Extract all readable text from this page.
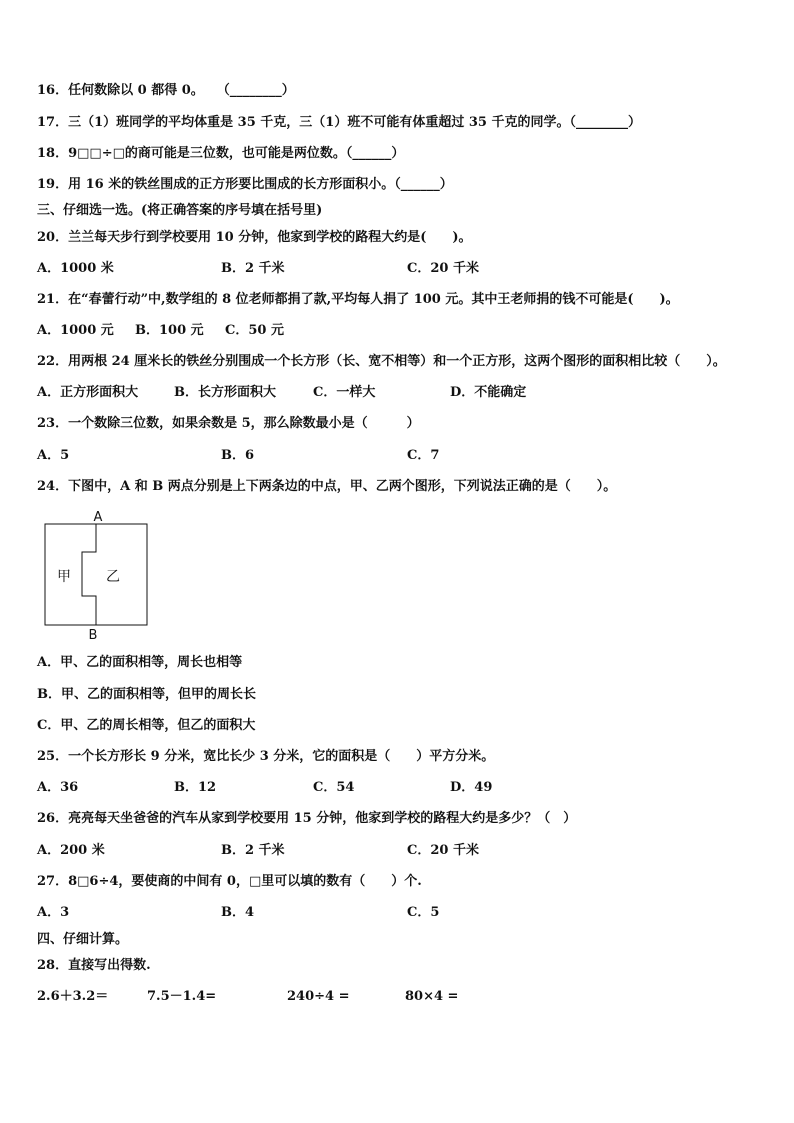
16．任何数除以 0 都得 0。　　（________）
17．三（1）班同学的平均体重是 35 千克，三（1）班不可能有体重超过 35 千克的同学。（________）
18．9□□÷□的商可能是三位数，也可能是两位数。（______）
19．用 16 米的铁丝围成的正方形要比围成的长方形面积小。（______）
三、仔细选一选。(将正确答案的序号填在括号里)
20．兰兰每天步行到学校要用 10 分钟，他家到学校的路程大约是(　　)。
A．1000 米	B．2 千米	C．20 千米
21．在“春蕾行动”中,数学组的 8 位老师都捐了款,平均每人捐了 100 元。其中王老师捐的钱不可能是(　　)。
A．1000 元 B．100 元 C．50 元
22．用两根 24 厘米长的铁丝分别围成一个长方形（长、宽不相等）和一个正方形，这两个图形的面积相比较（　　）。
A．正方形面积大	B．长方形面积大	C．一样大	D．不能确定
23．一个数除三位数，如果余数是 5，那么除数最小是（　　　）
A．5	B．6	C．7
24．下图中，A 和 B 两点分别是上下两条边的中点，甲、乙两个图形，下列说法正确的是（　　）。
A
B
甲	乙
A．甲、乙的面积相等，周长也相等
B．甲、乙的面积相等，但甲的周长长
C．甲、乙的周长相等，但乙的面积大
25．一个长方形长 9 分米，宽比长少 3 分米，它的面积是（　　）平方分米。
A．36	B．12	C．54	D．49
26．亮亮每天坐爸爸的汽车从家到学校要用 15 分钟，他家到学校的路程大约是多少？（　）
A．200 米	B．2 千米	C．20 千米
27．8□6÷4，要使商的中间有 0，□里可以填的数有（　　）个.
A．3	B．4	C．5
四、仔细计算。
28．直接写出得数.
2.6＋3.2＝	7.5－1.4=	240÷4 =	80×4 =
